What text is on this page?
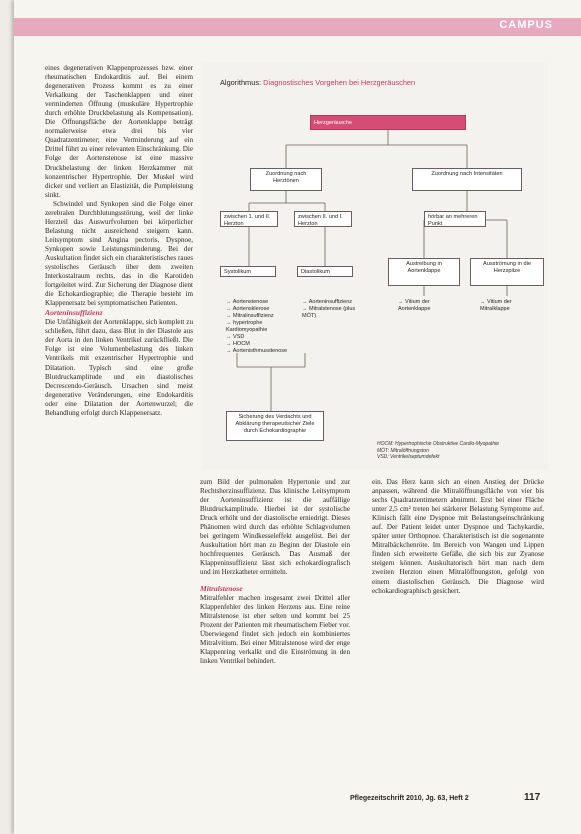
CAMPUS

eines degenerativen Klappenprozesses bzw. einer rheumatischen Endokarditis auf. Bei einem degenerativen Prozess kommt es zu einer Verkalkung der Taschenklappen und einer verminderten Öffnung (muskuläre Hypertrophie durch erhöhte Druckbelastung als Kompensation). Die Öffnungsfläche der Aortenklappe beträgt normalerweise etwa drei bis vier Quadratzentimeter; eine Verminderung auf ein Drittel führt zu einer relevanten Einschränkung. Die Folge der Aortenstenose ist eine massive Druckbelastung der linken Herzkammer mit konzentrischer Hypertrophie. Der Muskel wird dicker und verliert an Elastizität, die Pumpleistung sinkt.

Schwindel und Synkopen sind die Folge einer zerebralen Durchblutungsstörung, weil der linke Herzteil das Auswurfvolumen bei körperlicher Belastung nicht ausreichend steigern kann. Leitsymptom sind Angina pectoris, Dyspnoe, Synkopen sowie Leistungsminderung. Bei der Auskultation findet sich ein charakteristisches raues systolisches Geräusch über dem zweiten Interkostalraum rechts, das in die Karotiden fortgeleitet wird. Zur Sicherung der Diagnose dient die Echokardiographie; die Therapie besteht im Klappenersatz bei symptomatischen Patienten.

Aorteninsuffizienz

Die Unfähigkeit der Aortenklappe, sich komplett zu schließen, führt dazu, dass Blut in der Diastole aus der Aorta in den linken Ventrikel zurückfließt. Die Folge ist eine Volumenbelastung des linken Ventrikels mit exzentrischer Hypertrophie und Dilatation. Typisch sind eine große Blutdruckamplitude und ein diastolisches Decrescendo-Geräusch. Ursachen sind meist degenerative Veränderungen, eine Endokarditis oder eine Dilatation der Aortenwurzel; die Behandlung erfolgt durch Klappenersatz.

Algorithmus: Diagnostisches Vorgehen bei Herzgeräuschen
Herzgeräusche
Zuordnung nach Herztönen
Zuordnung nach Intensitäten
zwischen 1. und II. Herzton
zwischen II. und I. Herzton
hörbar an mehreren Punkt
Systolikum	Diastolikum
Austreibung in Aortenklappe
Ausströmung in die Herzspitze
→ Aortenstenose
→ Aortensklerose
→ Mitralinsuffizienz
→ hypertrophe Kardiomyopathie
→ VSD
→ HOCM
→ Aortenisthmusstenose
→ Aorteninsuffizienz
→ Mitralstenose (plus MÖT)
→ Vitium der Aortenklappe
→ Vitium der Mitralklappe
Sicherung des Verdachts und Abklärung therapeutischer Ziele durch Echokardiographie
HOCM: Hypertrophische Obstruktive Cardio-Myopathie
MÖT: Mitralöffnungston
VSD: Ventrikelseptumdefekt

zum Bild der pulmonalen Hypertonie und zur Rechtsherzinsuffizienz. Das klinische Leitsymptom der Aorteninsuffizienz ist die auffällige Blutdruckamplitude. Hierbei ist der systolische Druck erhöht und der diastolische erniedrigt. Dieses Phänomen wird durch das erhöhte Schlagvolumen bei geringem Windkesseleffekt ausgelöst. Bei der Auskultation hört man zu Beginn der Diastole ein hochfrequentes Geräusch. Das Ausmaß der Klappeninsuffizienz lässt sich echokardiografisch und im Herzkatheter ermitteln.

Mitralstenose

Mitralfehler machen insgesamt zwei Drittel aller Klappenfehler des linken Herzens aus. Eine reine Mitralstenose ist eher selten und kommt bei 25 Prozent der Patienten mit rheumatischem Fieber vor. Überwiegend findet sich jedoch ein kombiniertes Mitralvitium. Bei einer Mitralstenose wird der enge Klappenring verkalkt und die Einströmung in den linken Ventrikel behindert.

ein. Das Herz kann sich an einen Anstieg der Drücke anpassen, während die Mitralöffnungsfläche von vier bis sechs Quadratzentimetern abnimmt. Erst bei einer Fläche unter 2,5 cm² treten bei stärkerer Belastung Symptome auf. Klinisch fällt eine Dyspnoe mit Belastungseinschränkung auf. Der Patient leidet unter Dyspnoe und Tachykardie, später unter Orthopnoe. Charakteristisch ist die sogenannte Mitralbäckchenröte. Im Bereich von Wangen und Lippen finden sich erweiterte Gefäße, die sich bis zur Zyanose steigern können. Auskultatorisch hört man nach dem zweiten Herzton einen Mitralöffnungston, gefolgt von einem diastolischen Geräusch. Die Diagnose wird echokardiographisch gesichert.

Pflegezeitschrift 2010, Jg. 63, Heft 2	117
